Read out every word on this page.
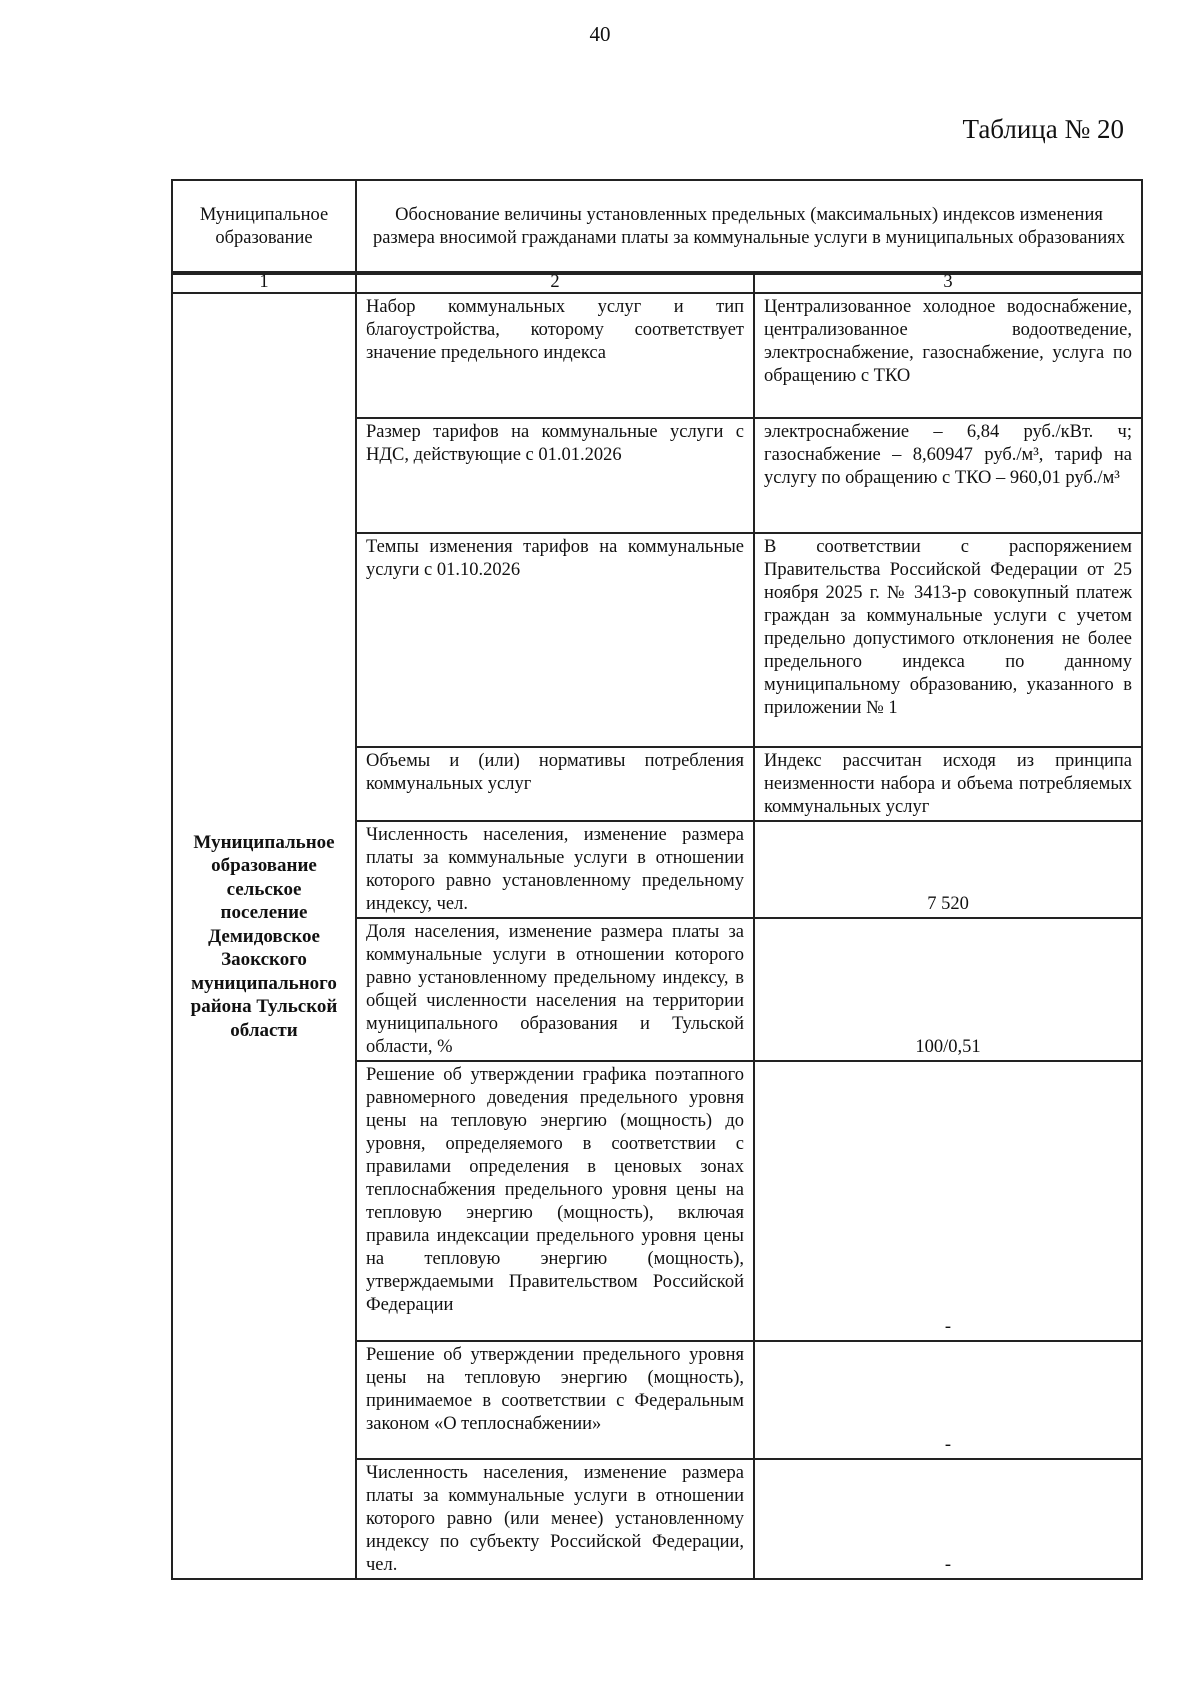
40
Таблица № 20
Муниципальное образование	Обоснование величины установленных предельных (максимальных) индексов изменения размера вносимой гражданами платы за коммунальные услуги в муниципальных образованиях
1	2	3
Муниципальное образование сельское поселение Демидовское Заокского муниципального района Тульской области	Набор коммунальных услуг и тип благоустройства, которому соответствует значение предельного индекса	Централизованное холодное водоснабжение, централизованное водоотведение, электроснабжение, газоснабжение, услуга по обращению с ТКО
	Размер тарифов на коммунальные услуги с НДС, действующие с 01.01.2026	электроснабжение – 6,84 руб./кВт. ч; газоснабжение – 8,60947 руб./м³, тариф на услугу по обращению с ТКО – 960,01 руб./м³
	Темпы изменения тарифов на коммунальные услуги с 01.10.2026	В соответствии с распоряжением Правительства Российской Федерации от 25 ноября 2025 г. № 3413-р совокупный платеж граждан за коммунальные услуги с учетом предельно допустимого отклонения не более предельного индекса по данному муниципальному образованию, указанного в приложении № 1
	Объемы и (или) нормативы потребления коммунальных услуг	Индекс рассчитан исходя из принципа неизменности набора и объема потребляемых коммунальных услуг
	Численность населения, изменение размера платы за коммунальные услуги в отношении которого равно установленному предельному индексу, чел.	7 520
	Доля населения, изменение размера платы за коммунальные услуги в отношении которого равно установленному предельному индексу, в общей численности населения на территории муниципального образования и Тульской области, %	100/0,51
	Решение об утверждении графика поэтапного равномерного доведения предельного уровня цены на тепловую энергию (мощность) до уровня, определяемого в соответствии с правилами определения в ценовых зонах теплоснабжения предельного уровня цены на тепловую энергию (мощность), включая правила индексации предельного уровня цены на тепловую энергию (мощность), утверждаемыми Правительством Российской Федерации	-
	Решение об утверждении предельного уровня цены на тепловую энергию (мощность), принимаемое в соответствии с Федеральным законом «О теплоснабжении»	-
	Численность населения, изменение размера платы за коммунальные услуги в отношении которого равно (или менее) установленному индексу по субъекту Российской Федерации, чел.	-
